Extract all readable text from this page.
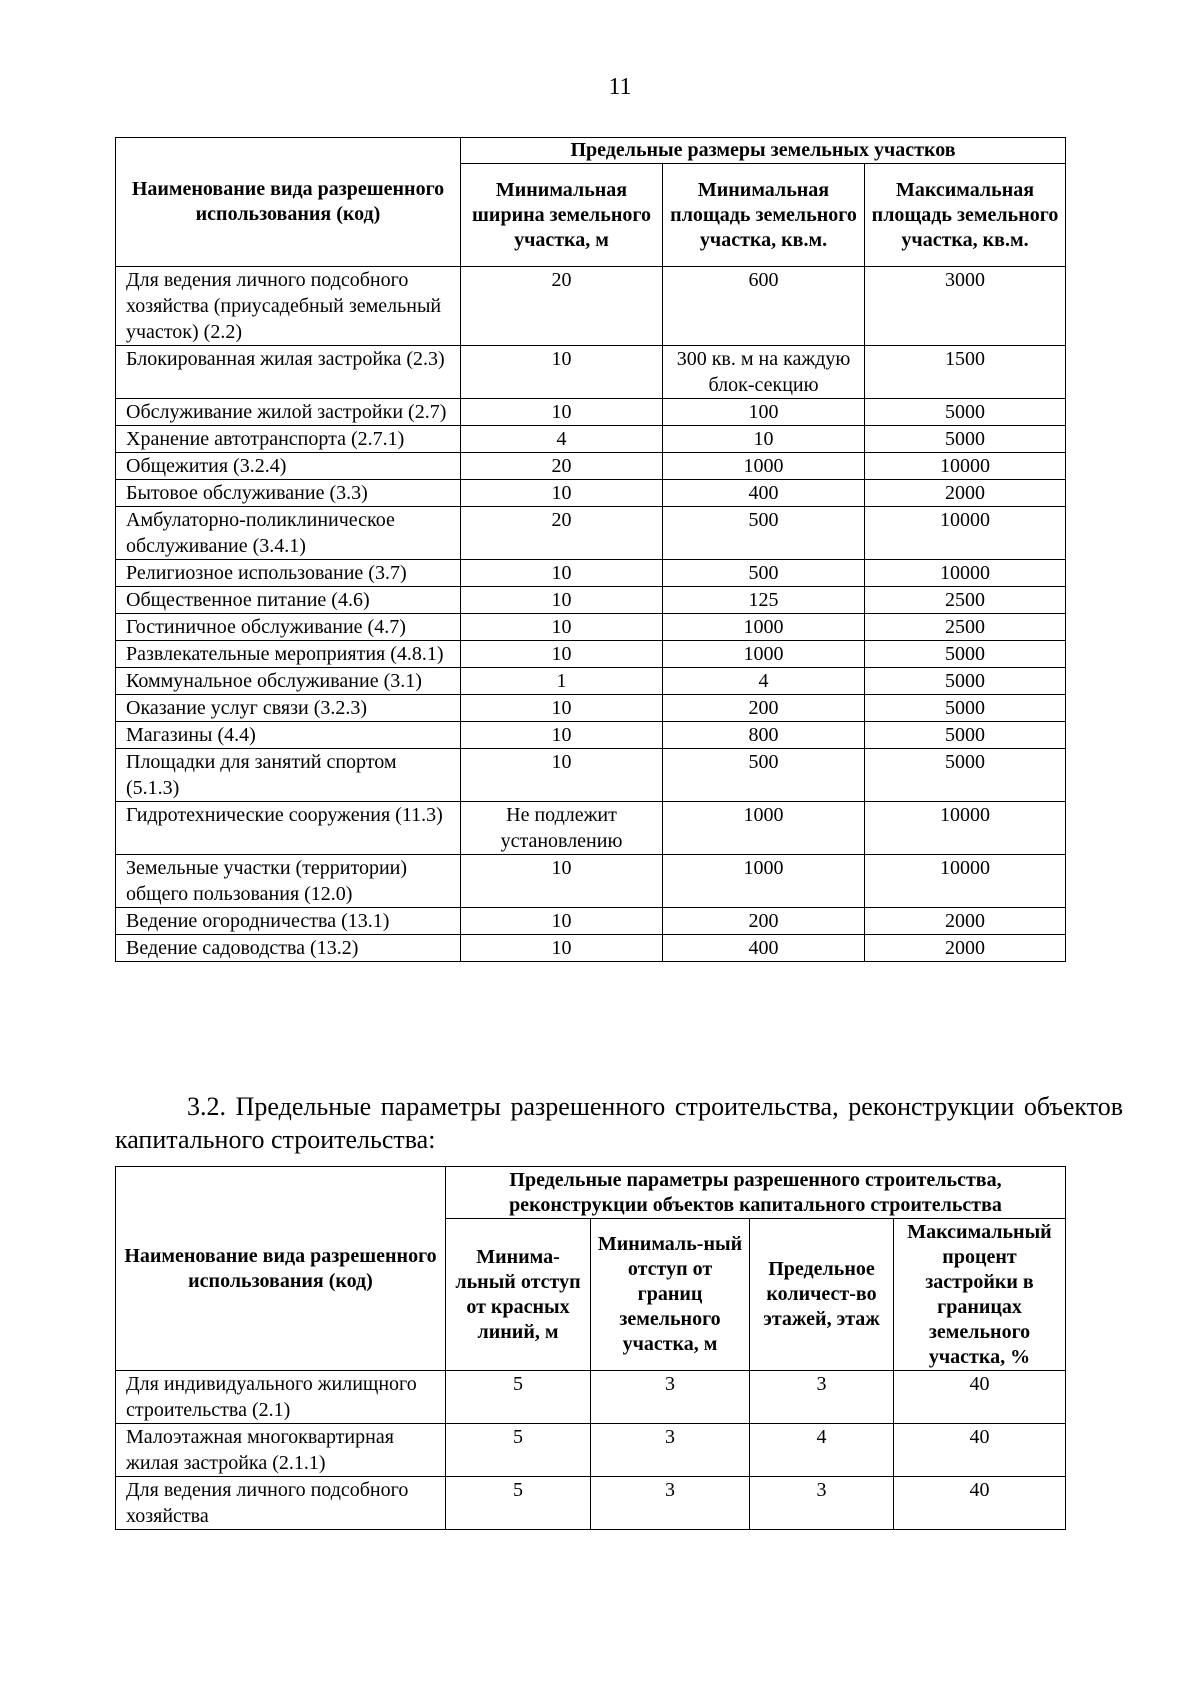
11
Наименование вида разрешенного использования (код)	Предельные размеры земельных участков		
	Минимальная ширина земельного участка, м	Минимальная площадь земельного участка, кв.м.	Максимальная площадь земельного участка, кв.м.
Для ведения личного подсобного хозяйства (приусадебный земельный участок) (2.2)	20	600	3000
Блокированная жилая застройка (2.3)	10	300 кв. м на каждую блок-секцию	1500
Обслуживание жилой застройки (2.7)	10	100	5000
Хранение автотранспорта (2.7.1)	4	10	5000
Общежития (3.2.4)	20	1000	10000
Бытовое обслуживание (3.3)	10	400	2000
Амбулаторно-поликлиническое обслуживание (3.4.1)	20	500	10000
Религиозное использование (3.7)	10	500	10000
Общественное питание (4.6)	10	125	2500
Гостиничное обслуживание (4.7)	10	1000	2500
Развлекательные мероприятия (4.8.1)	10	1000	5000
Коммунальное обслуживание (3.1)	1	4	5000
Оказание услуг связи (3.2.3)	10	200	5000
Магазины (4.4)	10	800	5000
Площадки для занятий спортом (5.1.3)	10	500	5000
Гидротехнические сооружения (11.3)	Не подлежит установлению	1000	10000
Земельные участки (территории) общего пользования (12.0)	10	1000	10000
Ведение огородничества (13.1)	10	200	2000
Ведение садоводства (13.2)	10	400	2000
3.2. Предельные параметры разрешенного строительства, реконструкции объектов капитального строительства:
Наименование вида разрешенного использования (код)	Предельные параметры разрешенного строительства, реконструкции объектов капитального строительства			
	Минима-льный отступ от красных линий, м	Минималь-ный отступ от границ земельного участка, м	Предельное количест-во этажей, этаж	Максимальный процент застройки в границах земельного участка, %
Для индивидуального жилищного строительства (2.1)	5	3	3	40
Малоэтажная многоквартирная жилая застройка (2.1.1)	5	3	4	40
Для ведения личного подсобного хозяйства	5	3	3	40
